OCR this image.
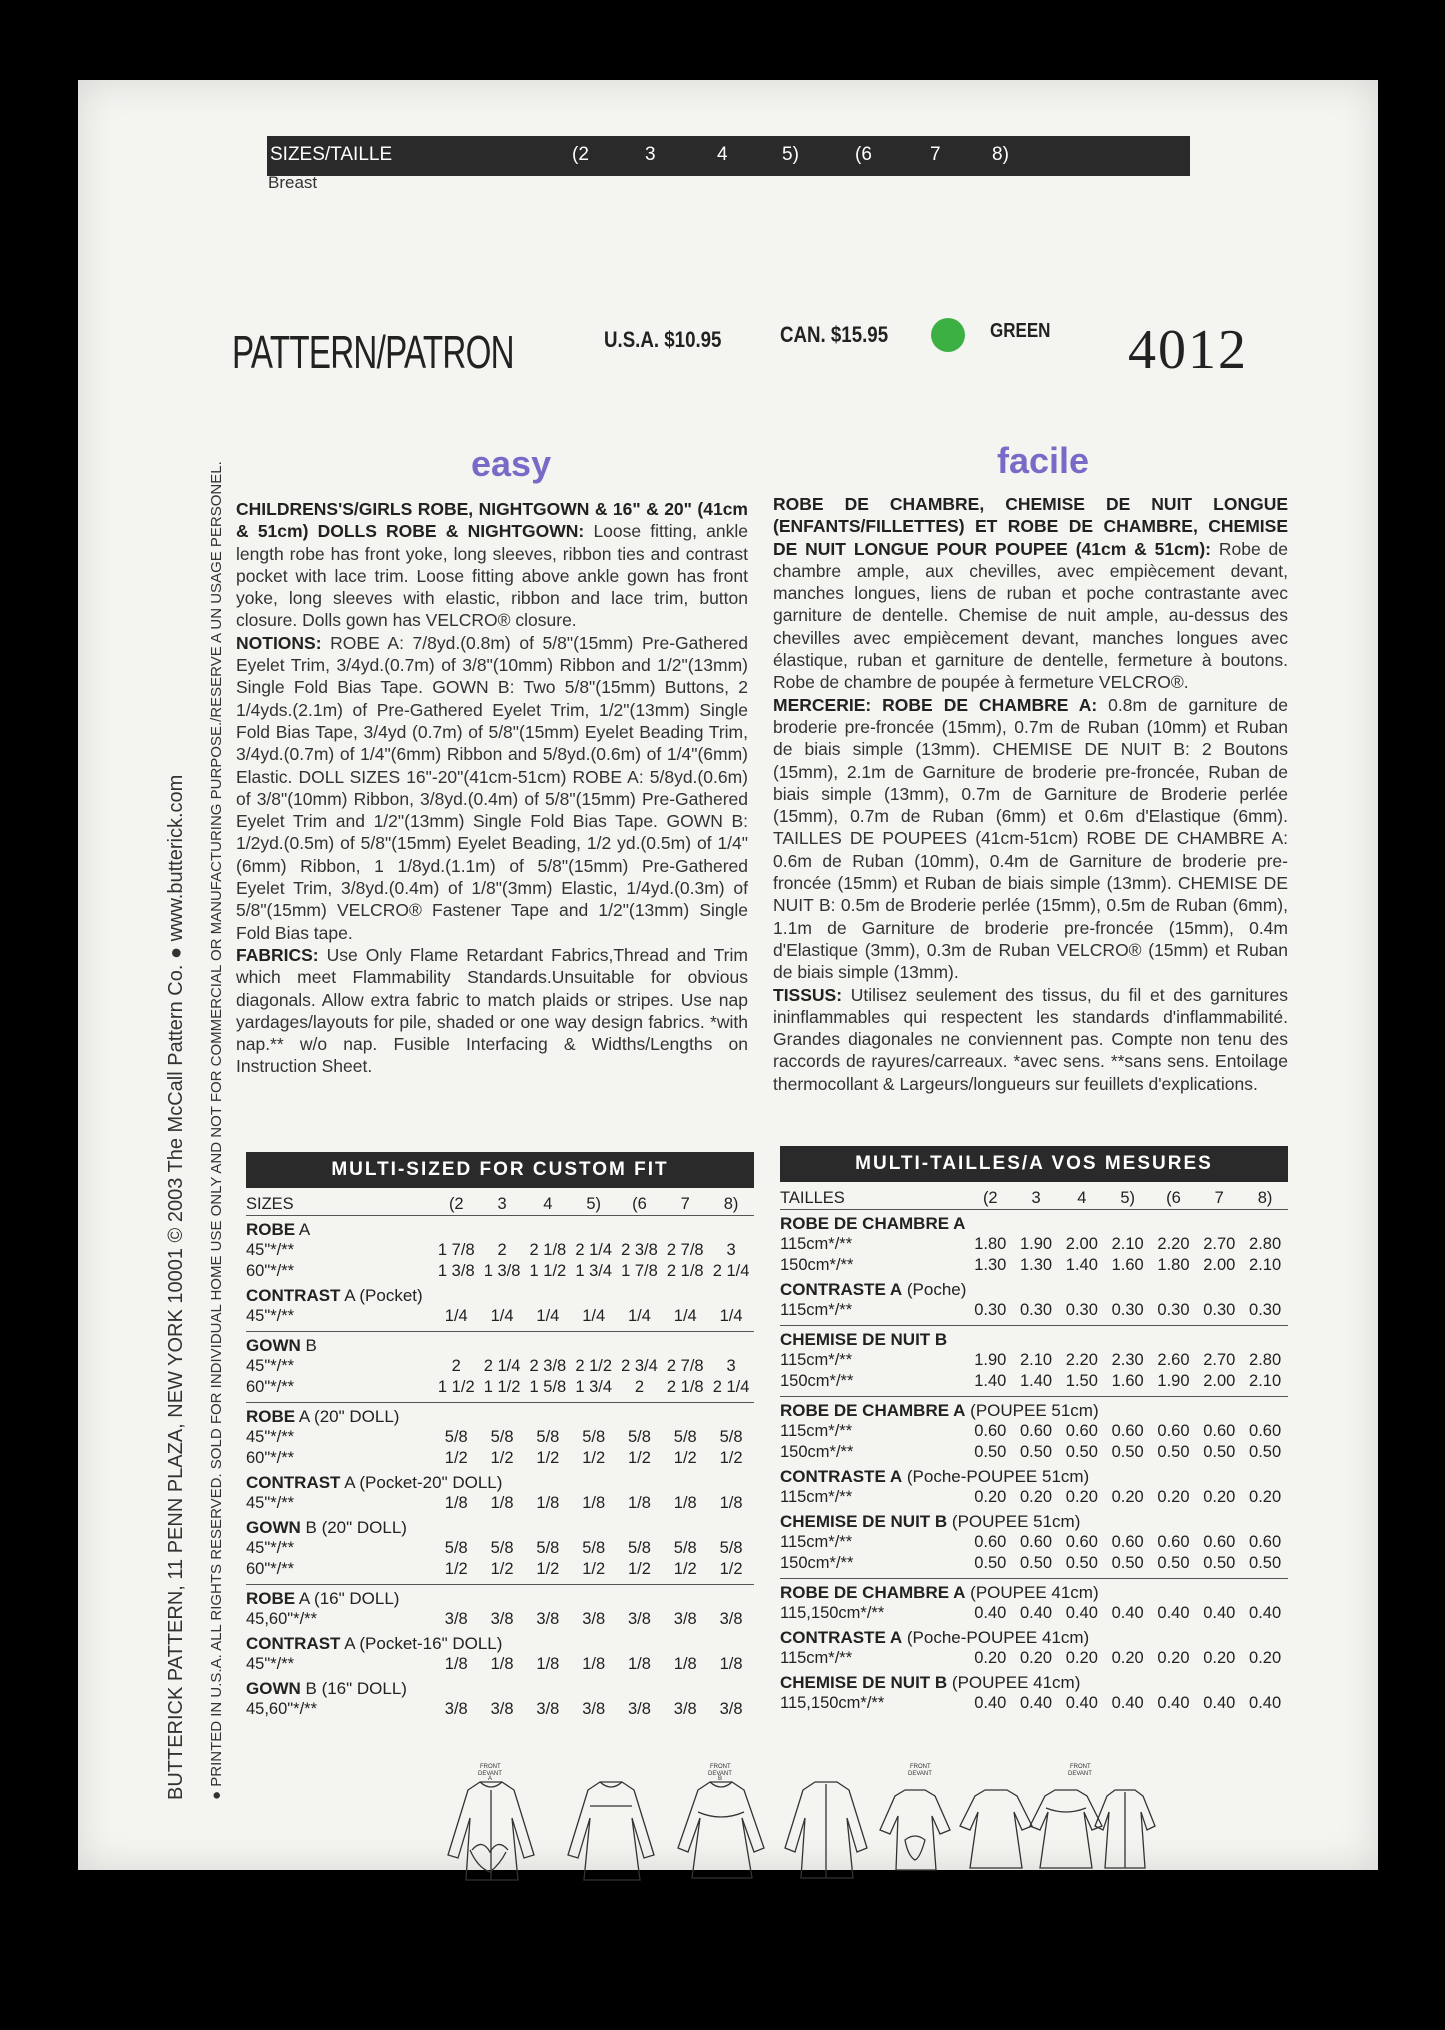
SIZES/TAILLE	(2	3	4	5)	(6	7	8)
Breast
PATTERN/PATRON	U.S.A. $10.95	CAN. $15.95	GREEN 4012
BUTTERICK PATTERN, 11 PENN PLAZA, NEW YORK 10001 © 2003 The McCall Pattern Co. ● www.butterick.com ● PRINTED IN U.S.A. ALL RIGHTS RESERVED. SOLD FOR INDIVIDUAL HOME USE ONLY AND NOT FOR COMMERCIAL OR MANUFACTURING PURPOSE./RESERVE A UN USAGE PERSONEL.	easy	facile
CHILDRENS'S/GIRLS ROBE, NIGHTGOWN & 16" & 20" (41cm & 51cm) DOLLS ROBE & NIGHTGOWN: Loose fitting, ankle length robe has front yoke, long sleeves, ribbon ties and contrast pocket with lace trim. Loose fitting above ankle gown has front yoke, long sleeves with elastic, ribbon and lace trim, button closure. Dolls gown has VELCRO® closure.
NOTIONS: ROBE A: 7/8yd.(0.8m) of 5/8"(15mm) Pre-Gathered Eyelet Trim, 3/4yd.(0.7m) of 3/8"(10mm) Ribbon and 1/2"(13mm) Single Fold Bias Tape. GOWN B: Two 5/8"(15mm) Buttons, 2 1/4yds.(2.1m) of Pre-Gathered Eyelet Trim, 1/2"(13mm) Single Fold Bias Tape, 3/4yd (0.7m) of 5/8"(15mm) Eyelet Beading Trim, 3/4yd.(0.7m) of 1/4"(6mm) Ribbon and 5/8yd.(0.6m) of 1/4"(6mm) Elastic. DOLL SIZES 16"-20"(41cm-51cm) ROBE A: 5/8yd.(0.6m) of 3/8"(10mm) Ribbon, 3/8yd.(0.4m) of 5/8"(15mm) Pre-Gathered Eyelet Trim and 1/2"(13mm) Single Fold Bias Tape. GOWN B: 1/2yd.(0.5m) of 5/8"(15mm) Eyelet Beading, 1/2 yd.(0.5m) of 1/4"(6mm) Ribbon, 1 1/8yd.(1.1m) of 5/8"(15mm) Pre-Gathered Eyelet Trim, 3/8yd.(0.4m) of 1/8"(3mm) Elastic, 1/4yd.(0.3m) of 5/8"(15mm) VELCRO® Fastener Tape and 1/2"(13mm) Single Fold Bias tape.
FABRICS: Use Only Flame Retardant Fabrics,Thread and Trim which meet Flammability Standards.Unsuitable for obvious diagonals. Allow extra fabric to match plaids or stripes. Use nap yardages/layouts for pile, shaded or one way design fabrics. *with nap.** w/o nap. Fusible Interfacing & Widths/Lengths on Instruction Sheet.
ROBE DE CHAMBRE, CHEMISE DE NUIT LONGUE (ENFANTS/FILLETTES) ET ROBE DE CHAMBRE, CHEMISE DE NUIT LONGUE POUR POUPEE (41cm & 51cm): Robe de chambre ample, aux chevilles, avec empiècement devant, manches longues, liens de ruban et poche contrastante avec garniture de dentelle. Chemise de nuit ample, au-dessus des chevilles avec empiècement devant, manches longues avec élastique, ruban et garniture de dentelle, fermeture à boutons. Robe de chambre de poupée à fermeture VELCRO®.
MERCERIE: ROBE DE CHAMBRE A: 0.8m de garniture de broderie pre-froncée (15mm), 0.7m de Ruban (10mm) et Ruban de biais simple (13mm). CHEMISE DE NUIT B: 2 Boutons (15mm), 2.1m de Garniture de broderie pre-froncée, Ruban de biais simple (13mm), 0.7m de Garniture de Broderie perlée (15mm), 0.7m de Ruban (6mm) et 0.6m d'Elastique (6mm). TAILLES DE POUPEES (41cm-51cm) ROBE DE CHAMBRE A: 0.6m de Ruban (10mm), 0.4m de Garniture de broderie pre-froncée (15mm) et Ruban de biais simple (13mm). CHEMISE DE NUIT B: 0.5m de Broderie perlée (15mm), 0.5m de Ruban (6mm), 1.1m de Garniture de broderie pre-froncée (15mm), 0.4m d'Elastique (3mm), 0.3m de Ruban VELCRO® (15mm) et Ruban de biais simple (13mm).
TISSUS: Utilisez seulement des tissus, du fil et des garnitures ininflammables qui respectent les standards d'inflammabilité. Grandes diagonales ne conviennent pas. Compte non tenu des raccords de rayures/carreaux. *avec sens. **sans sens. Entoilage thermocollant & Largeurs/longueurs sur feuillets d'explications.
MULTI-SIZED FOR CUSTOM FIT
SIZES	(2	3	4	5)	(6	7	8)
ROBE A							
45"*/**	1 7/8	2	2 1/8	2 1/4	2 3/8	2 7/8	3
60"*/**	1 3/8	1 3/8	1 1/2	1 3/4	1 7/8	2 1/8	2 1/4
CONTRAST A (Pocket)							
45"*/**	1/4	1/4	1/4	1/4	1/4	1/4	1/4

GOWN B							
45"*/**	2	2 1/4	2 3/8	2 1/2	2 3/4	2 7/8	3
60"*/**	1 1/2	1 1/2	1 5/8	1 3/4	2	2 1/8	2 1/4

ROBE A (20" DOLL)							
45"*/**	5/8	5/8	5/8	5/8	5/8	5/8	5/8
60"*/**	1/2	1/2	1/2	1/2	1/2	1/2	1/2
CONTRAST A (Pocket-20" DOLL)							
45"*/**	1/8	1/8	1/8	1/8	1/8	1/8	1/8
GOWN B (20" DOLL)							
45"*/**	5/8	5/8	5/8	5/8	5/8	5/8	5/8
60"*/**	1/2	1/2	1/2	1/2	1/2	1/2	1/2

ROBE A (16" DOLL)							
45,60"*/**	3/8	3/8	3/8	3/8	3/8	3/8	3/8
CONTRAST A (Pocket-16" DOLL)							
45"*/**	1/8	1/8	1/8	1/8	1/8	1/8	1/8
GOWN B (16" DOLL)							
45,60"*/**	3/8	3/8	3/8	3/8	3/8	3/8	3/8
MULTI-TAILLES/A VOS MESURES
TAILLES	(2	3	4	5)	(6	7	8)
ROBE DE CHAMBRE A							
115cm*/**	1.80	1.90	2.00	2.10	2.20	2.70	2.80
150cm*/**	1.30	1.30	1.40	1.60	1.80	2.00	2.10
CONTRASTE A (Poche)							
115cm*/**	0.30	0.30	0.30	0.30	0.30	0.30	0.30

CHEMISE DE NUIT B							
115cm*/**	1.90	2.10	2.20	2.30	2.60	2.70	2.80
150cm*/**	1.40	1.40	1.50	1.60	1.90	2.00	2.10

ROBE DE CHAMBRE A (POUPEE 51cm)							
115cm*/**	0.60	0.60	0.60	0.60	0.60	0.60	0.60
150cm*/**	0.50	0.50	0.50	0.50	0.50	0.50	0.50
CONTRASTE A (Poche-POUPEE 51cm)							
115cm*/**	0.20	0.20	0.20	0.20	0.20	0.20	0.20
CHEMISE DE NUIT B (POUPEE 51cm)							
115cm*/**	0.60	0.60	0.60	0.60	0.60	0.60	0.60
150cm*/**	0.50	0.50	0.50	0.50	0.50	0.50	0.50

ROBE DE CHAMBRE A (POUPEE 41cm)							
115,150cm*/**	0.40	0.40	0.40	0.40	0.40	0.40	0.40
CONTRASTE A (Poche-POUPEE 41cm)							
115cm*/**	0.20	0.20	0.20	0.20	0.20	0.20	0.20
CHEMISE DE NUIT B (POUPEE 41cm)							
115,150cm*/**	0.40	0.40	0.40	0.40	0.40	0.40	0.40
FRONT
DEVANT
A
FRONT
DEVANT
B
FRONT
DEVANT
FRONT
DEVANT
